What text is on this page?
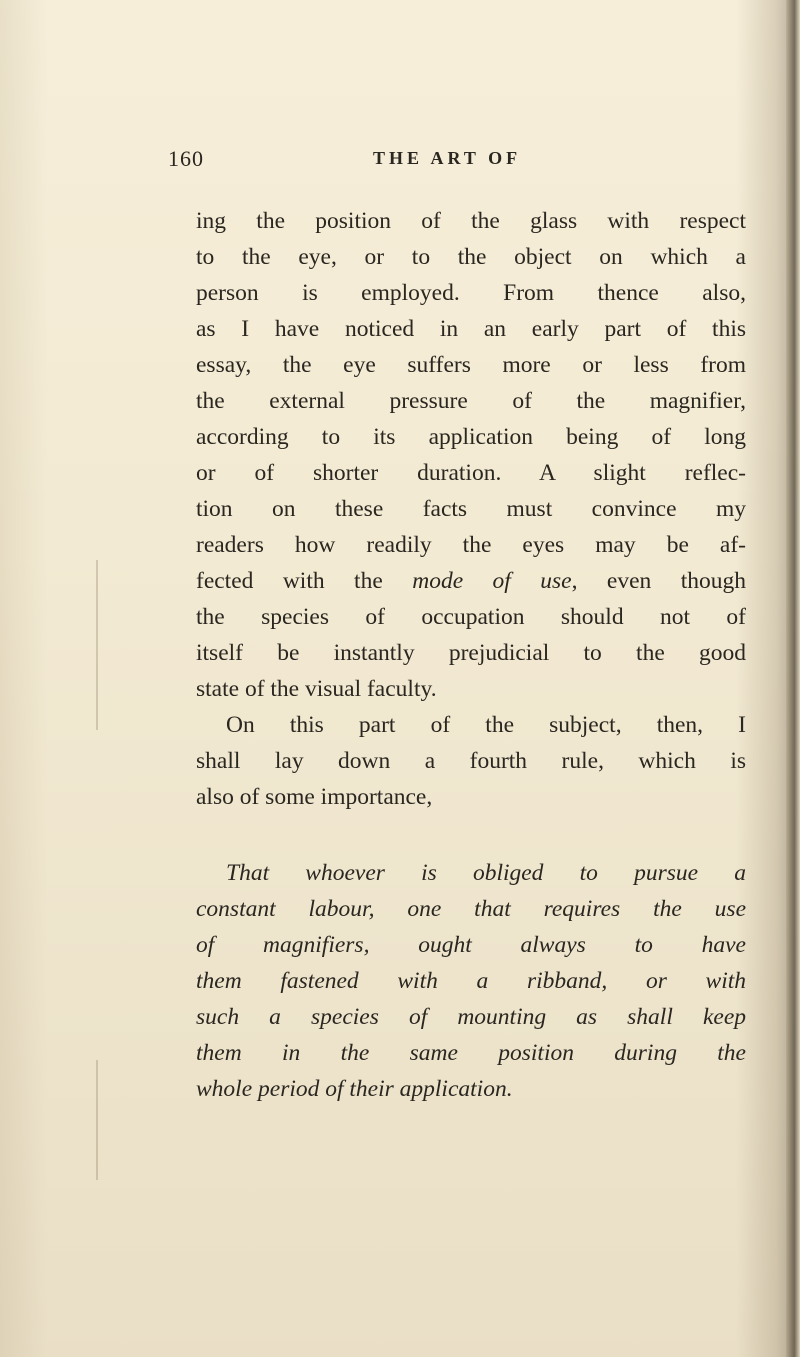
160	THE ART OF
ing the position of the glass with respect
to the eye, or to the object on which a
person is employed. From thence also,
as I have noticed in an early part of this
essay, the eye suffers more or less from
the external pressure of the magnifier,
according to its application being of long
or of shorter duration. A slight reflec-
tion on these facts must convince my
readers how readily the eyes may be af-
fected with the mode of use, even though
the species of occupation should not of
itself be instantly prejudicial to the good
state of the visual faculty.
On this part of the subject, then, I
shall lay down a fourth rule, which is
also of some importance,
That whoever is obliged to pursue a
constant labour, one that requires the use
of magnifiers, ought always to have
them fastened with a ribband, or with
such a species of mounting as shall keep
them in the same position during the
whole period of their application.
